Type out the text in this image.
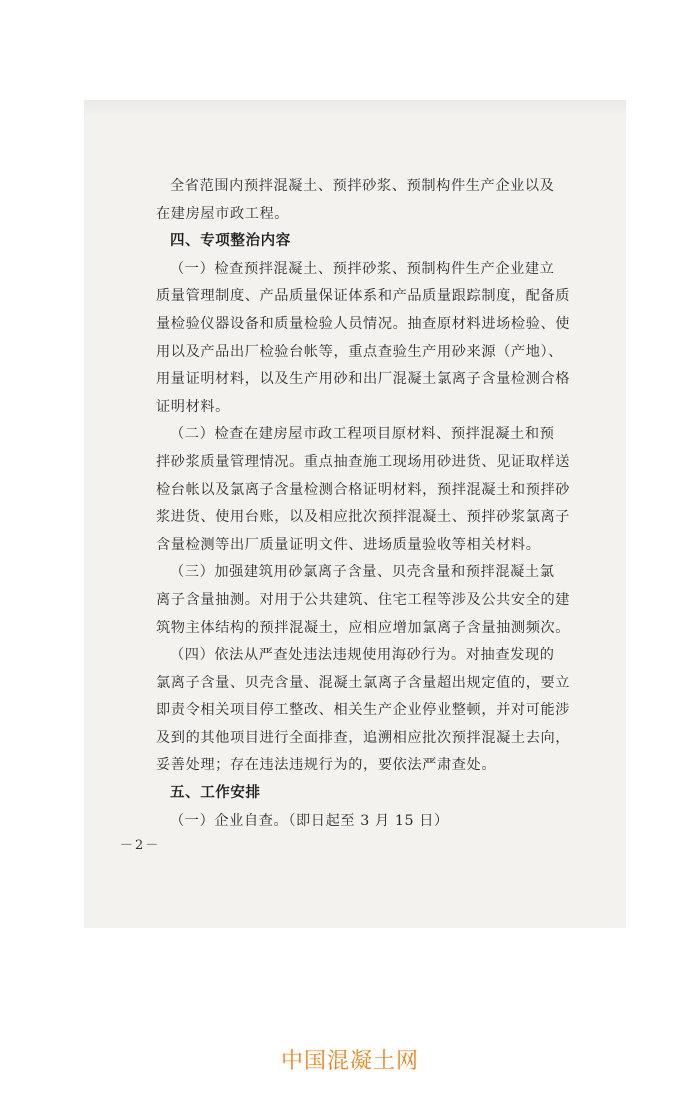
全省范围内预拌混凝土、预拌砂浆、预制构件生产企业以及
在建房屋市政工程。
四、专项整治内容
（一）检查预拌混凝土、预拌砂浆、预制构件生产企业建立
质量管理制度、产品质量保证体系和产品质量跟踪制度，配备质
量检验仪器设备和质量检验人员情况。抽查原材料进场检验、使
用以及产品出厂检验台帐等，重点查验生产用砂来源（产地）、
用量证明材料，以及生产用砂和出厂混凝土氯离子含量检测合格
证明材料。
（二）检查在建房屋市政工程项目原材料、预拌混凝土和预
拌砂浆质量管理情况。重点抽查施工现场用砂进货、见证取样送
检台帐以及氯离子含量检测合格证明材料，预拌混凝土和预拌砂
浆进货、使用台账，以及相应批次预拌混凝土、预拌砂浆氯离子
含量检测等出厂质量证明文件、进场质量验收等相关材料。
（三）加强建筑用砂氯离子含量、贝壳含量和预拌混凝土氯
离子含量抽测。对用于公共建筑、住宅工程等涉及公共安全的建
筑物主体结构的预拌混凝土，应相应增加氯离子含量抽测频次。
（四）依法从严查处违法违规使用海砂行为。对抽查发现的
氯离子含量、贝壳含量、混凝土氯离子含量超出规定值的，要立
即责令相关项目停工整改、相关生产企业停业整顿，并对可能涉
及到的其他项目进行全面排查，追溯相应批次预拌混凝土去向，
妥善处理；存在违法违规行为的，要依法严肃查处。
五、工作安排
（一）企业自查。（即日起至 3 月 15 日）
－2－
中国混凝土网
